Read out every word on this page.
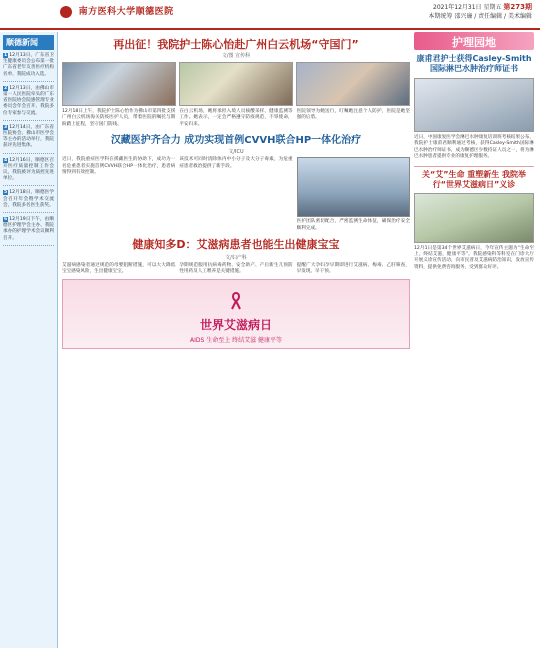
南方医科大学顺德医院	2021年12月31日 星期五 第273期
本期统筹 邵兴廉 / 责任编辑 / 美术编辑
顺德新闻
1 12月13日，广东省卫生健康委员会公布第一批广东省老年友善医疗机构名单，我院成功入选。
2 12月13日，由佛山市第一人民医院牵头的广东省医院协会院感管理专业委员会年会召开，我院多位专家参与交流。
3 12月14日，由广东省医院协会、佛山市医学会等主办的活动举行，我院获评先进集体。
4 12月16日，顺德区召开医疗质量控制工作会议，我院被评为质控先进单位。
5 12月18日，顺德医学会召开年会暨学术交流会，我院多名医生获奖。
6 12月19日下午，由顺德区护理学会主办、我院承办的护理学术会议顺利召开。
再出征！我院护士陈心怡赴广州白云机场“守国门”
文/图 宣传科
12月18日上午，我院护士陈心怡作为佛山市第四批支援广州白云机场海关防疫医护人员，带着医院的嘱托与期盼踏上征程，坚守国门防线。
在白云机场，她将承担入境人员核酸采样、健康监测等工作。她表示，一定会严格遵守防疫规范，不辱使命，平安归来。
医院领导为她送行，叮嘱她注意个人防护，医院是她坚强的后盾。
汉藏医护齐合力 成功实现首例CVVH联合HP一体化治疗
文/ICU
近日，我院重症医学科在援藏医生的协助下，成功为一名危重患者实施首例CVVH联合HP一体化治疗，患者病情得到有效控制。
该技术可同时清除体内中小分子及大分子毒素，为危重症患者救治提供了新手段。
医护团队密切配合，严密监测生命体征，确保治疗安全顺利完成。
健康知多D：艾滋病患者也能生出健康宝宝
文/妇产科
艾滋病感染者通过规范的母婴阻断措施，可以大大降低宝宝感染风险，生出健康宝宝。
孕期规范服用抗病毒药物、安全助产、产后新生儿预防性用药及人工喂养是关键措施。
提醒广大孕妇孕早期即进行艾滋病、梅毒、乙肝筛查，早发现、早干预。
世界艾滋病日
AIDS 生命至上 终结艾滋 健康平等
护理园地
康甫君护士获得Casley-Smith国际淋巴水肿治疗师证书
近日，中国康复医学会淋巴水肿康复培训班考核结果公布，我院护士康甫君顺利通过考核，获得Casley-Smith国际淋巴水肿治疗师证书，成为顺德区少数持证人员之一，将为淋巴水肿患者提供专业的康复护理服务。
关“艾”生命 重塑新生 我院举行“世界艾滋病日”义诊
12月1日是第34个世界艾滋病日，今年宣传主题为“生命至上，终结艾滋，健康平等”。我院感染科等科室在门诊大厅开展义诊宣传活动，向市民普及艾滋病防治知识，发放宣传资料，提供免费咨询服务，受到群众好评。
